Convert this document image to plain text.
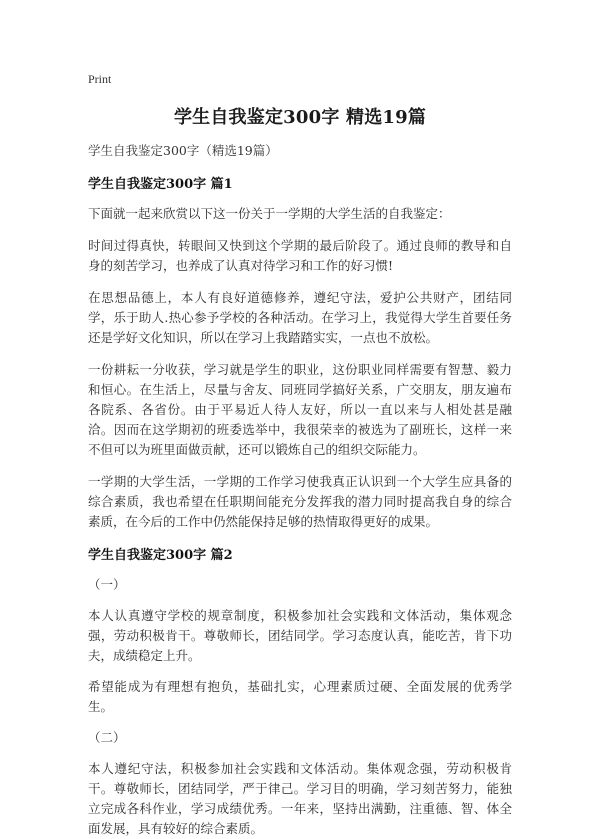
Print
学生自我鉴定300字 精选19篇
学生自我鉴定300字（精选19篇）
学生自我鉴定300字 篇1

下面就一起来欣赏以下这一份关于一学期的大学生活的自我鉴定：

时间过得真快，转眼间又快到这个学期的最后阶段了。通过良师的教导和自身的刻苦学习，也养成了认真对待学习和工作的好习惯!

在思想品德上，本人有良好道德修养，遵纪守法，爱护公共财产，团结同学，乐于助人.热心参予学校的各种活动。在学习上，我觉得大学生首要任务还是学好文化知识，所以在学习上我踏踏实实，一点也不放松。

一份耕耘一分收获，学习就是学生的职业，这份职业同样需要有智慧、毅力和恒心。在生活上，尽量与舍友、同班同学搞好关系，广交朋友，朋友遍布各院系、各省份。由于平易近人待人友好，所以一直以来与人相处甚是融洽。因而在这学期初的班委选举中，我很荣幸的被选为了副班长，这样一来不但可以为班里面做贡献，还可以锻炼自己的组织交际能力。

一学期的大学生活，一学期的工作学习使我真正认识到一个大学生应具备的综合素质，我也希望在任职期间能充分发挥我的潜力同时提高我自身的综合素质，在今后的工作中仍然能保持足够的热情取得更好的成果。

学生自我鉴定300字 篇2
（一）

本人认真遵守学校的规章制度，积极参加社会实践和文体活动，集体观念强，劳动积极肯干。尊敬师长，团结同学。学习态度认真，能吃苦，肯下功夫，成绩稳定上升。

希望能成为有理想有抱负，基础扎实，心理素质过硬、全面发展的优秀学生。

（二）

本人遵纪守法，积极参加社会实践和文体活动。集体观念强，劳动积极肯干。尊敬师长，团结同学，严于律己。学习目的明确，学习刻苦努力，能独立完成各科作业，学习成绩优秀。一年来，坚持出满勤，注重德、智、体全面发展，具有较好的综合素质。
